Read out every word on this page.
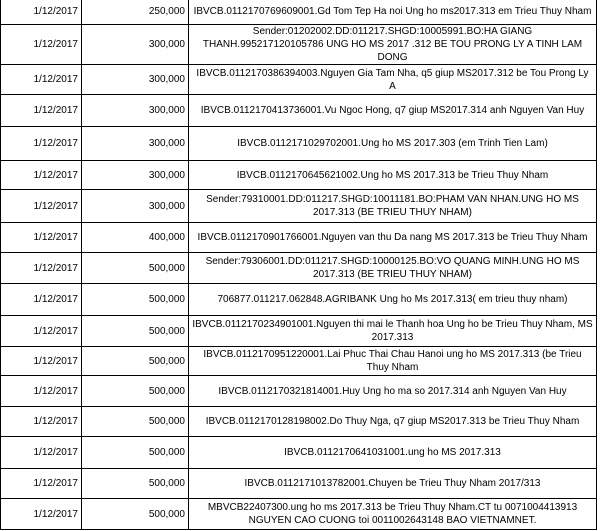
1/12/2017	250,000	IBVCB.0112170769609001.Gd Tom Tep Ha noi Ung ho ms2017.313 em Trieu Thuy Nham
1/12/2017	300,000	Sender:01202002.DD:011217.SHGD:10005991.BO:HA GIANG THANH.995217120105786 UNG HO MS 2017 .312 BE TOU PRONG LY A TINH LAM DONG
1/12/2017	300,000	IBVCB.0112170386394003.Nguyen Gia Tam Nha, q5 giup MS2017.312 be Tou Prong Ly A
1/12/2017	300,000	IBVCB.0112170413736001.Vu Ngoc Hong, q7 giup MS2017.314 anh Nguyen Van Huy
1/12/2017	300,000	IBVCB.0112171029702001.Ung ho MS 2017.303 (em Trinh Tien Lam)
1/12/2017	300,000	IBVCB.0112170645621002.Ung ho MS 2017.313 be Trieu Thuy Nham
1/12/2017	300,000	Sender:79310001.DD:011217.SHGD:10011181.BO:PHAM VAN NHAN.UNG HO MS 2017.313 (BE TRIEU THUY NHAM)
1/12/2017	400,000	IBVCB.0112170901766001.Nguyen van thu Da nang MS 2017.313 be Trieu Thuy Nham
1/12/2017	500,000	Sender:79306001.DD:011217.SHGD:10000125.BO:VO QUANG MINH.UNG HO MS 2017.313 (BE TRIEU THUY NHAM)
1/12/2017	500,000	706877.011217.062848.AGRIBANK Ung ho Ms 2017.313( em trieu thuy nham)
1/12/2017	500,000	IBVCB.0112170234901001.Nguyen thi mai le Thanh hoa Ung ho be Trieu Thuy Nham, MS 2017.313
1/12/2017	500,000	IBVCB.0112170951220001.Lai Phuc Thai Chau Hanoi ung ho MS 2017.313 (be Trieu Thuy Nham
1/12/2017	500,000	IBVCB.0112170321814001.Huy Ung ho ma so 2017.314 anh Nguyen Van Huy
1/12/2017	500,000	IBVCB.0112170128198002.Do Thuy Nga, q7 giup MS2017.313 be Trieu Thuy Nham
1/12/2017	500,000	IBVCB.0112170641031001.ung ho MS 2017.313
1/12/2017	500,000	IBVCB.0112171013782001.Chuyen be Trieu Thuy Nham 2017/313
1/12/2017	500,000	MBVCB22407300.ung ho ms 2017.313 be Trieu Thuy Nham.CT tu 0071004413913 NGUYEN CAO CUONG toi 0011002643148 BAO VIETNAMNET.
